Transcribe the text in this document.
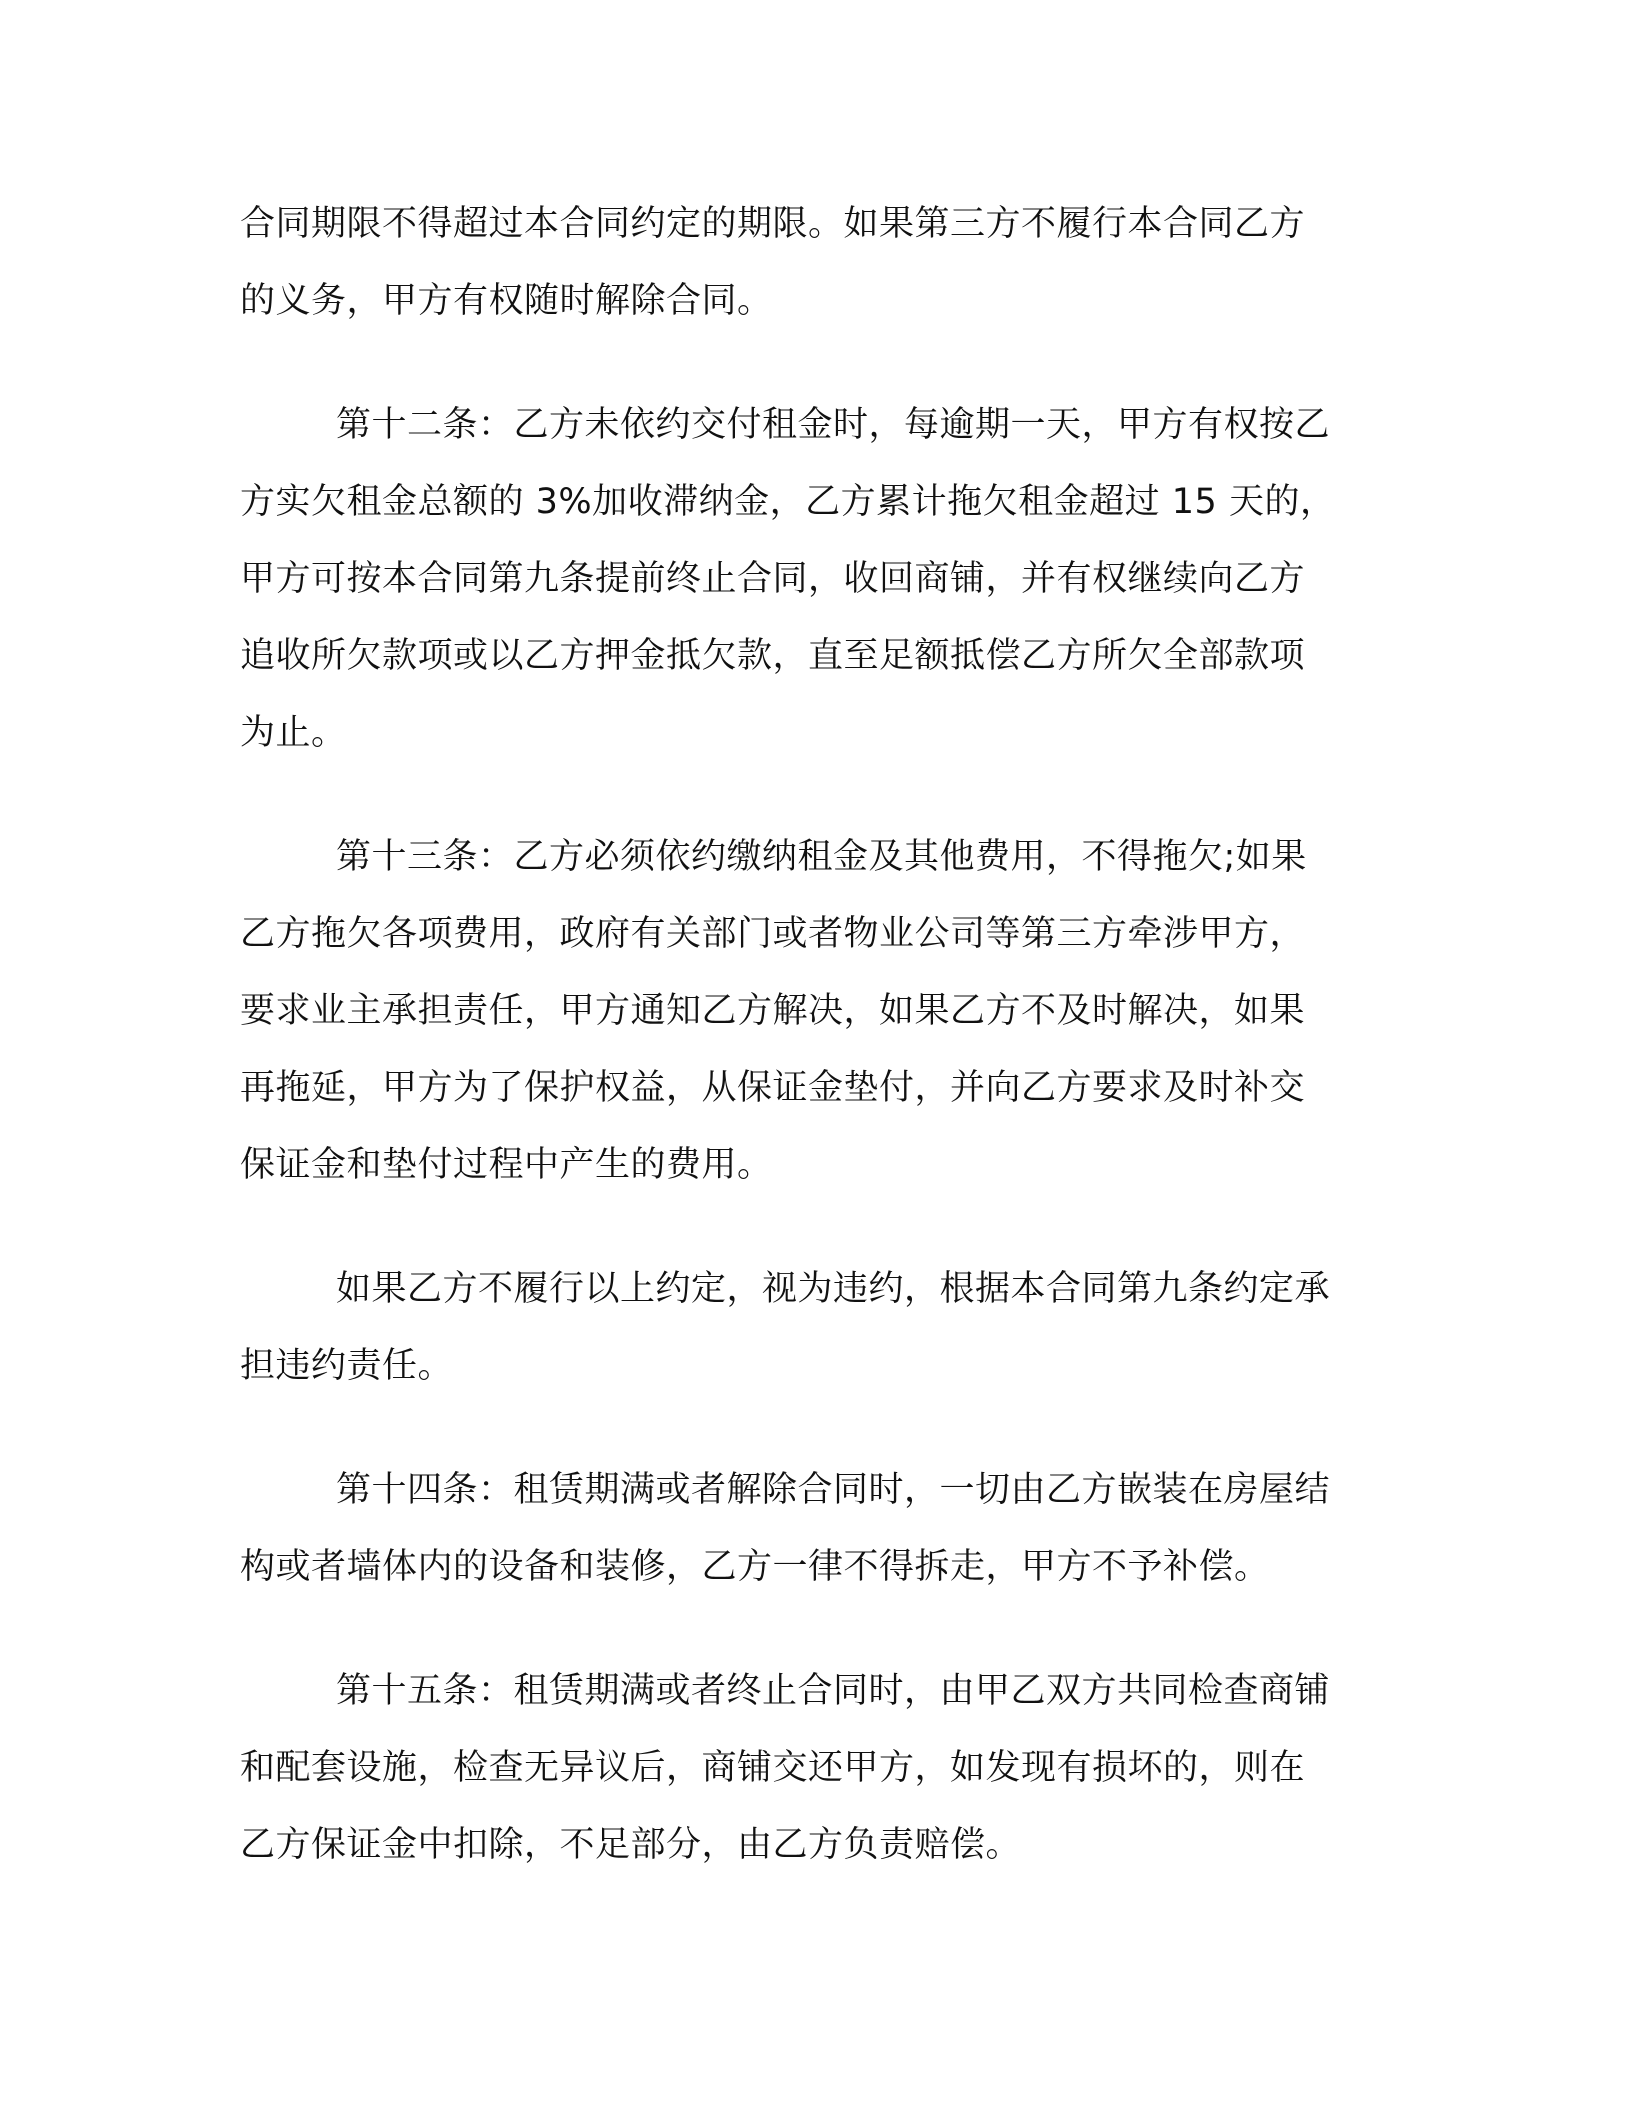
合同期限不得超过本合同约定的期限。如果第三方不履行本合同乙方
的义务，甲方有权随时解除合同。

第十二条：乙方未依约交付租金时，每逾期一天，甲方有权按乙
方实欠租金总额的 3%加收滞纳金，乙方累计拖欠租金超过 15 天的，
甲方可按本合同第九条提前终止合同，收回商铺，并有权继续向乙方
追收所欠款项或以乙方押金抵欠款，直至足额抵偿乙方所欠全部款项
为止。

第十三条：乙方必须依约缴纳租金及其他费用，不得拖欠;如果
乙方拖欠各项费用，政府有关部门或者物业公司等第三方牵涉甲方，
要求业主承担责任，甲方通知乙方解决，如果乙方不及时解决，如果
再拖延，甲方为了保护权益，从保证金垫付，并向乙方要求及时补交
保证金和垫付过程中产生的费用。

如果乙方不履行以上约定，视为违约，根据本合同第九条约定承
担违约责任。

第十四条：租赁期满或者解除合同时，一切由乙方嵌装在房屋结
构或者墙体内的设备和装修，乙方一律不得拆走，甲方不予补偿。

第十五条：租赁期满或者终止合同时，由甲乙双方共同检查商铺
和配套设施，检查无异议后，商铺交还甲方，如发现有损坏的，则在
乙方保证金中扣除，不足部分，由乙方负责赔偿。
